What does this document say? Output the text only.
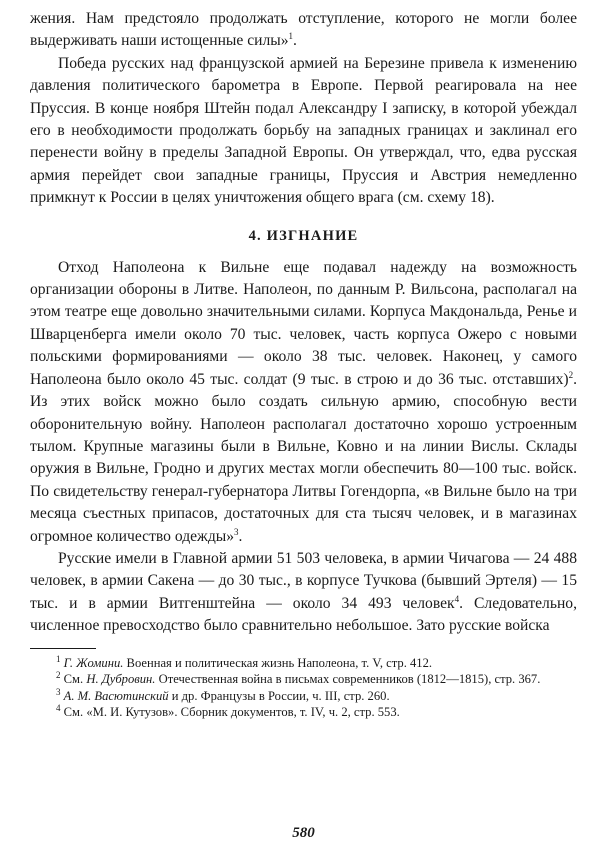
жения. Нам предстояло продолжать отступление, которого не могли более выдерживать наши истощенные силы»$^1$.

Победа русских над французской армией на Березине привела к изменению давления политического барометра в Европе. Первой реагировала на нее Пруссия. В конце ноября Штейн подал Александру I записку, в которой убеждал его в необходимости продолжать борьбу на западных границах и заклинал его перенести войну в пределы Западной Европы. Он утверждал, что, едва русская армия перейдет свои западные границы, Пруссия и Австрия немедленно примкнут к России в целях уничтожения общего врага (см. схему 18).

4. ИЗГНАНИЕ

Отход Наполеона к Вильне еще подавал надежду на возможность организации обороны в Литве. Наполеон, по данным Р. Вильсона, располагал на этом театре еще довольно значительными силами. Корпуса Макдональда, Ренье и Шварценберга имели около 70 тыс. человек, часть корпуса Ожеро с новыми польскими формированиями — около 38 тыс. человек. Наконец, у самого Наполеона было около 45 тыс. солдат (9 тыс. в строю и до 36 тыс. отставших)$^2$. Из этих войск можно было создать сильную армию, способную вести оборонительную войну. Наполеон располагал достаточно хорошо устроенным тылом. Крупные магазины были в Вильне, Ковно и на линии Вислы. Склады оружия в Вильне, Гродно и других местах могли обеспечить 80—100 тыс. войск. По свидетельству генерал-губернатора Литвы Гогендорпа, «в Вильне было на три месяца съестных припасов, достаточных для ста тысяч человек, и в магазинах огромное количество одежды»$^3$.

Русские имели в Главной армии 51 503 человека, в армии Чичагова — 24 488 человек, в армии Сакена — до 30 тыс., в корпусе Тучкова (бывший Эртеля) — 15 тыс. и в армии Витгенштейна — около 34 493 человек$^4$. Следовательно, численное превосходство было сравнительно небольшое. Зато русские войска

$^1$ Г. Жомини. Военная и политическая жизнь Наполеона, т. V, стр. 412.

$^2$ См. Н. Дубровин. Отечественная война в письмах современников (1812—1815), стр. 367.

$^3$ А. М. Васютинский и др. Французы в России, ч. III, стр. 260.

$^4$ См. «М. И. Кутузов». Сборник документов, т. IV, ч. 2, стр. 553.

580
